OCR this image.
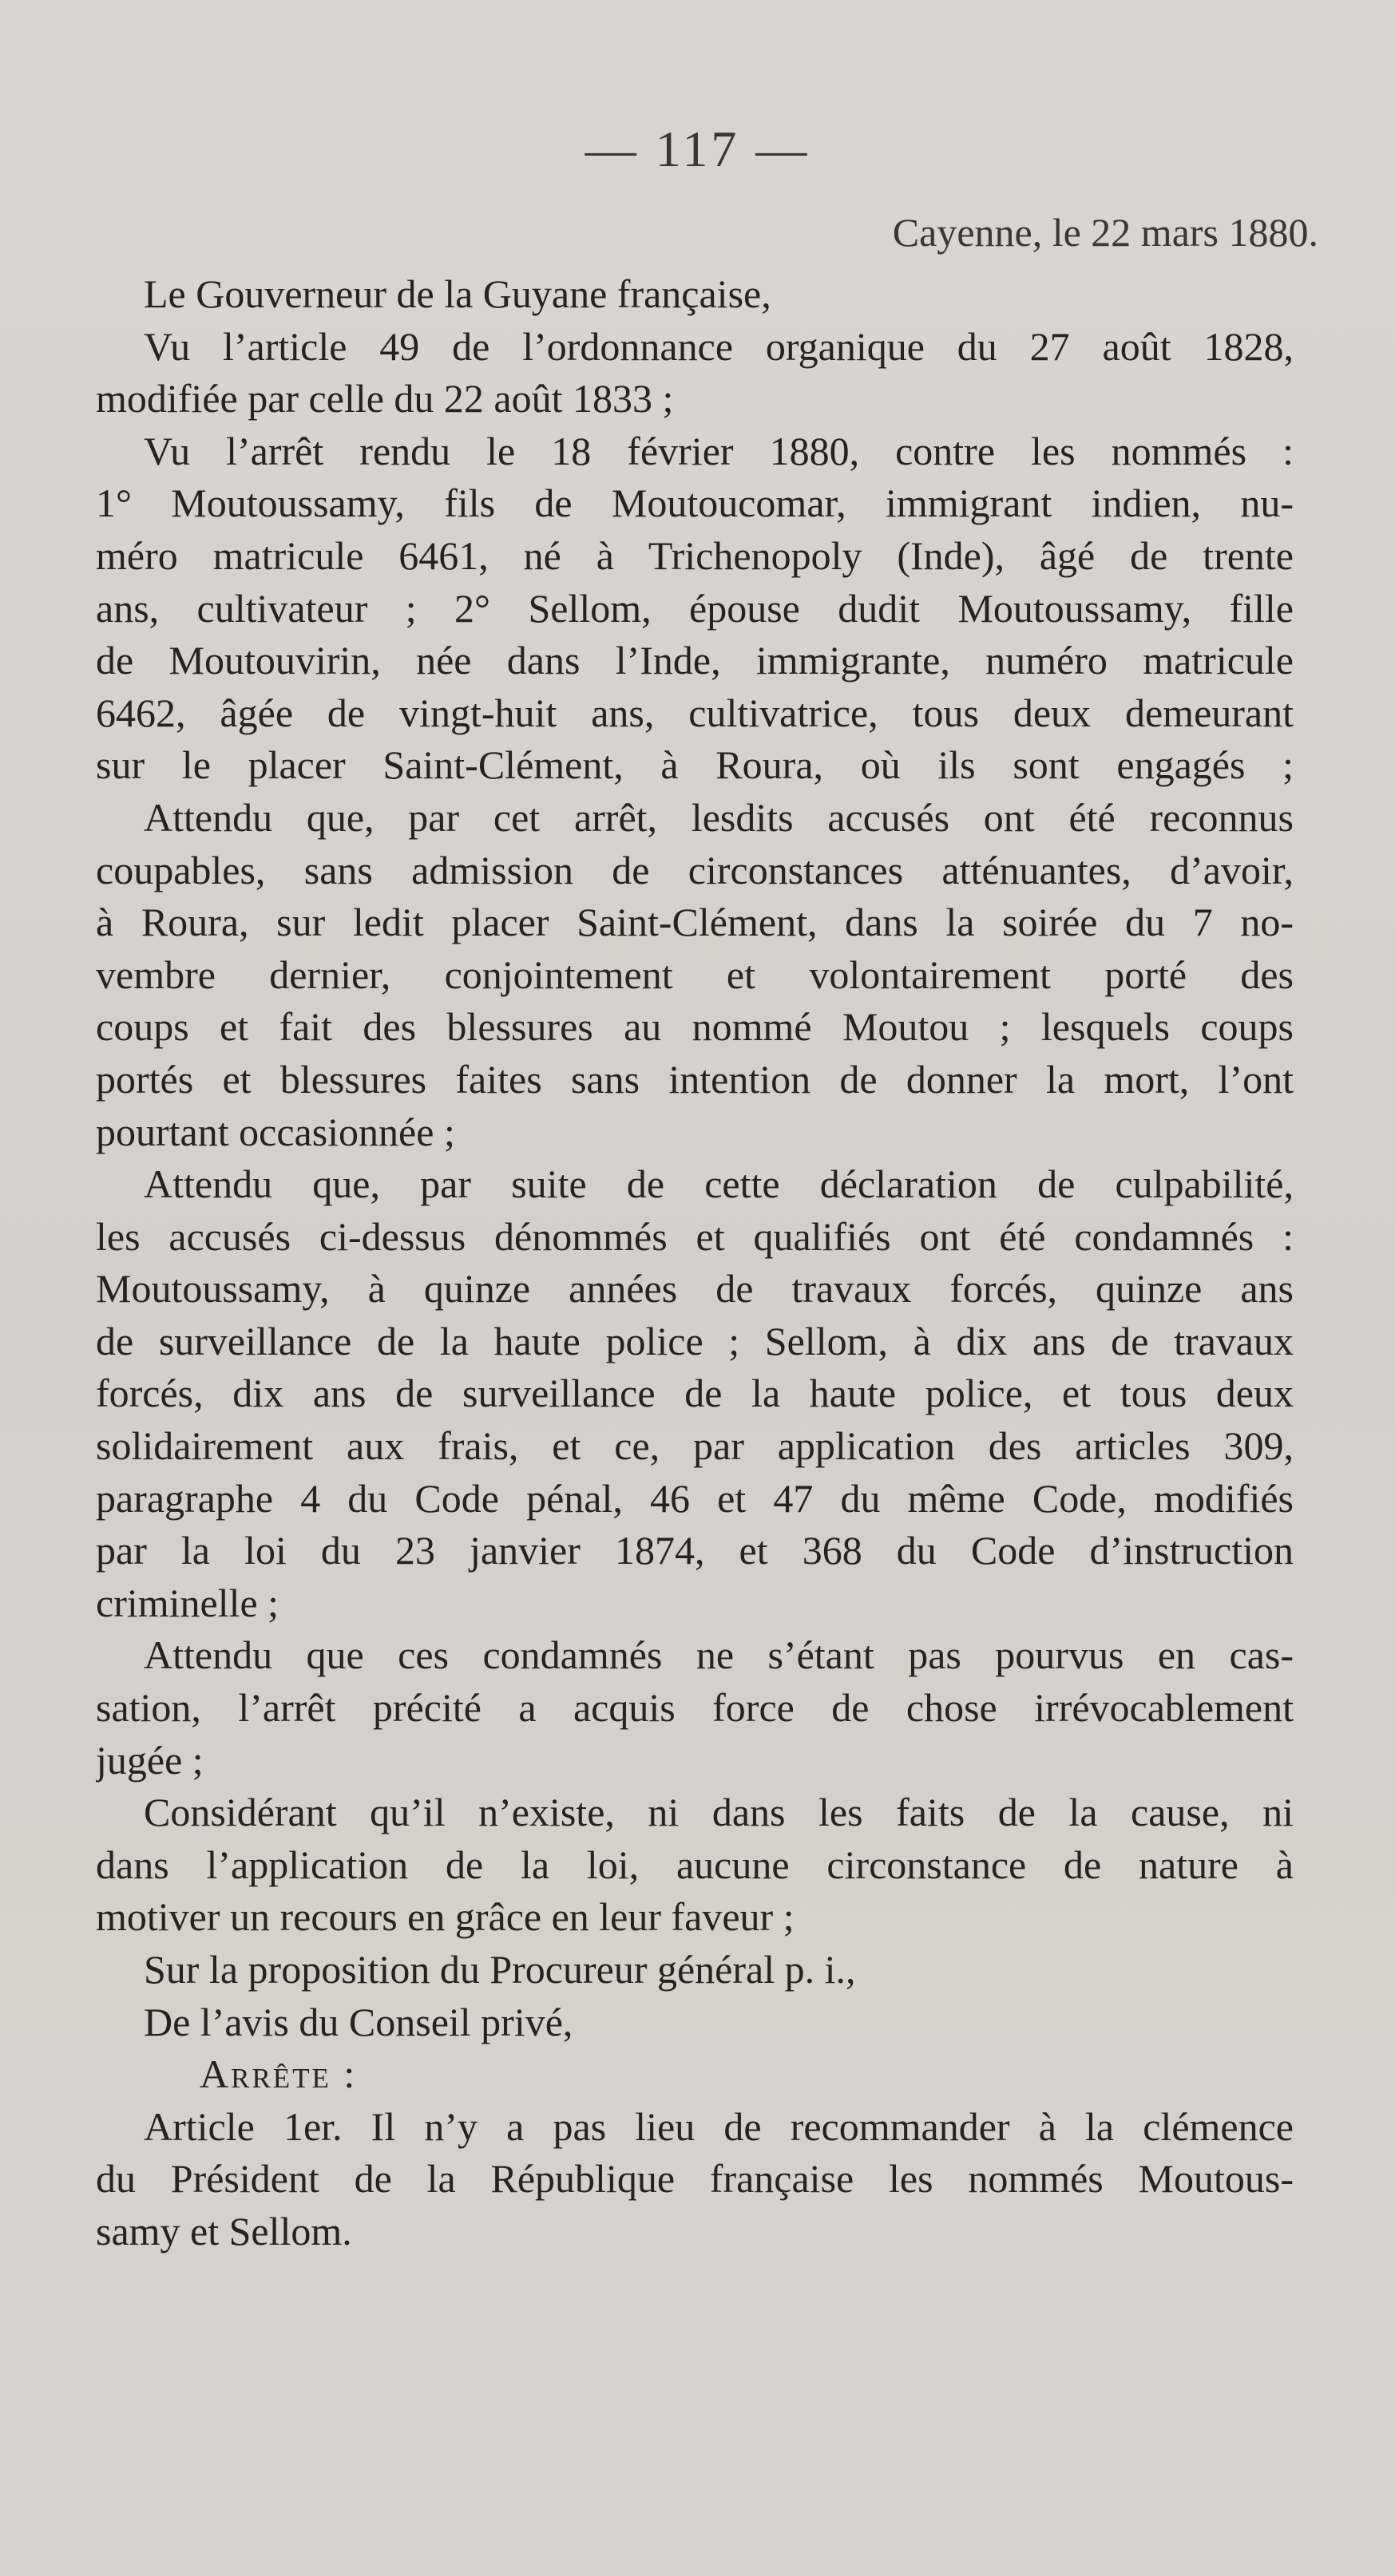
— 117 —
Cayenne, le 22 mars 1880.
Le Gouverneur de la Guyane française,
Vu l’article 49 de l’ordonnance organique du 27 août 1828,
modifiée par celle du 22 août 1833 ;
Vu l’arrêt rendu le 18 février 1880, contre les nommés :
1° Moutoussamy, fils de Moutoucomar, immigrant indien, nu-
méro matricule 6461, né à Trichenopoly (Inde), âgé de trente
ans, cultivateur ; 2° Sellom, épouse dudit Moutoussamy, fille
de Moutouvirin, née dans l’Inde, immigrante, numéro matricule
6462, âgée de vingt-huit ans, cultivatrice, tous deux demeurant
sur le placer Saint-Clément, à Roura, où ils sont engagés ;
Attendu que, par cet arrêt, lesdits accusés ont été reconnus
coupables, sans admission de circonstances atténuantes, d’avoir,
à Roura, sur ledit placer Saint-Clément, dans la soirée du 7 no-
vembre dernier, conjointement et volontairement porté des
coups et fait des blessures au nommé Moutou ; lesquels coups
portés et blessures faites sans intention de donner la mort, l’ont
pourtant occasionnée ;
Attendu que, par suite de cette déclaration de culpabilité,
les accusés ci-dessus dénommés et qualifiés ont été condamnés :
Moutoussamy, à quinze années de travaux forcés, quinze ans
de surveillance de la haute police ; Sellom, à dix ans de travaux
forcés, dix ans de surveillance de la haute police, et tous deux
solidairement aux frais, et ce, par application des articles 309,
paragraphe 4 du Code pénal, 46 et 47 du même Code, modifiés
par la loi du 23 janvier 1874, et 368 du Code d’instruction
criminelle ;
Attendu que ces condamnés ne s’étant pas pourvus en cas-
sation, l’arrêt précité a acquis force de chose irrévocablement
jugée ;
Considérant qu’il n’existe, ni dans les faits de la cause, ni
dans l’application de la loi, aucune circonstance de nature à
motiver un recours en grâce en leur faveur ;
Sur la proposition du Procureur général p. i.,
De l’avis du Conseil privé,
Arrête :
Article 1er. Il n’y a pas lieu de recommander à la clémence
du Président de la République française les nommés Moutous-
samy et Sellom.
